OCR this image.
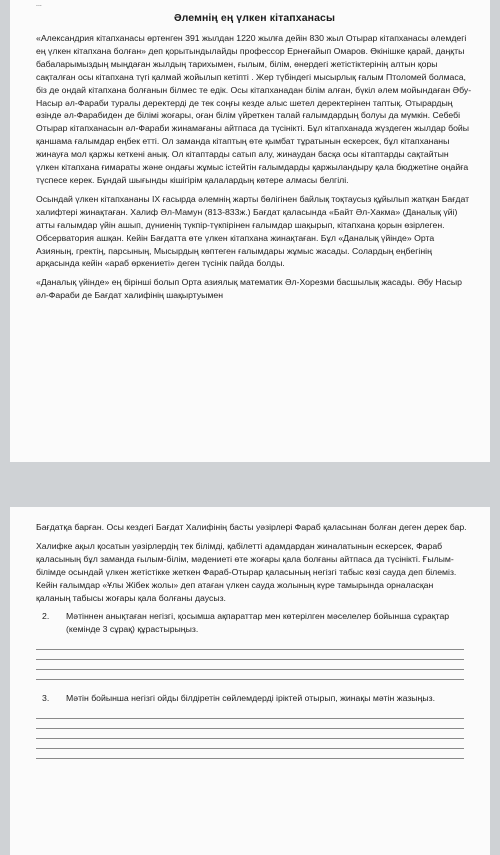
...
Әлемнің ең үлкен кітапханасы

«Александрия кітапханасы өртенген 391 жылдан 1220 жылға дейін 830 жыл Отырар кітапханасы әлемдегі ең үлкен кітапхана болған» деп қорытындылайды профессор Ернеғайып Омаров. Өкінішке қарай, даңқты бабаларымыздың мыңдаған жылдың тарихымен, ғылым, білім, өнердегі жетістіктерінің алтын қоры сақталған осы кітапхана түгі қалмай жойылып кетіпті . Жер түбіндегі мысырлық ғалым Птоломей болмаса, біз де ондай кітапхана болғанын білмес те едік. Осы кітапханадан білім алған, бүкіл әлем мойындаған Әбу-Насыр әл-Фараби туралы деректерді де тек соңғы кезде алыс шетел деректерінен таптық. Отырардың өзінде әл-Фарабиден де білімі жоғары, оған білім үйреткен талай ғалымдардың болуы да мүмкін. Себебі Отырар кітапханасын әл-Фараби жинамағаны айтпаса да түсінікті. Бұл кітапханада жүздеген жылдар бойы қаншама ғалымдар еңбек етті. Ол заманда кітаптың өте қымбат тұратынын ескерсек, бұл кітапхананы жинауға мол қаржы кеткені анық. Ол кітаптарды сатып алу, жинаудан басқа осы кітаптарды сақтайтын үлкен кітапхана ғимараты және ондағы жұмыс істейтін ғалымдарды қаржыландыру қала бюджетіне оңайға түспесе керек. Бұндай шығынды кішігірім қалалардың көтере алмасы белгілі.

Осындай үлкен кітапхананы IX ғасырда әлемнің жарты бөлігінен байлық тоқтаусыз құйылып жатқан Бағдат халифтері жинақтаған. Халиф Әл-Мамун (813-833ж.) Бағдат қаласында «Байт Әл-Хакма» (Даналық үйі) атты ғалымдар үйін ашып, дүниенің түкпір-түкпірінен ғалымдар шақырып, кітапхана қорын өзірлеген. Обсерватория ашқан. Кейін Бағдатта өте үлкен кітапхана жинақтаған. Бұл «Даналық үйінде» Орта Азияның, гректің, парсының, Мысырдың көптеген ғалымдары жұмыс жасады. Солардың еңбегінің арқасында кейін «араб өркениеті» деген түсінік пайда болды.

«Даналық үйінде» ең біріншi болып Орта азиялық математик Әл-Хорезми басшылық жасады. Әбу Насыр әл-Фараби де Бағдат халифінің шақыртуымен

Бағдатқа барған. Осы кездегі Бағдат Халифінің басты уәзірлері Фараб қаласынан болған деген дерек бар.

Халифке ақыл қосатын уәзірлердің тек білімді, қабілетті адамдардан жиналатынын ескерсек, Фараб қаласының бұл заманда ғылым-білім, мәдениеті өте жоғары қала болғаны айтпаса да түсінікті. Ғылым-білімде осындай үлкен жетістікке жеткен Фараб-Отырар қаласының негізгі табыс көзі сауда деп білеміз. Кейін ғалымдар «Ұлы Жібек жолы» деп атаған үлкен сауда жолының күре тамырында орналасқан қаланың табысы жоғары қала болғаны даусыз.

2.	Мәтіннен анықтаған негізгі, қосымша ақпараттар мен көтерілген мәселелер бойынша сұрақтар (кемінде 3 сұрақ) құрастырыңыз.
3.	Мәтін бойынша негізгі ойды білдіретін сөйлемдерді іріктей отырып, жинақы мәтін жазыңыз.
